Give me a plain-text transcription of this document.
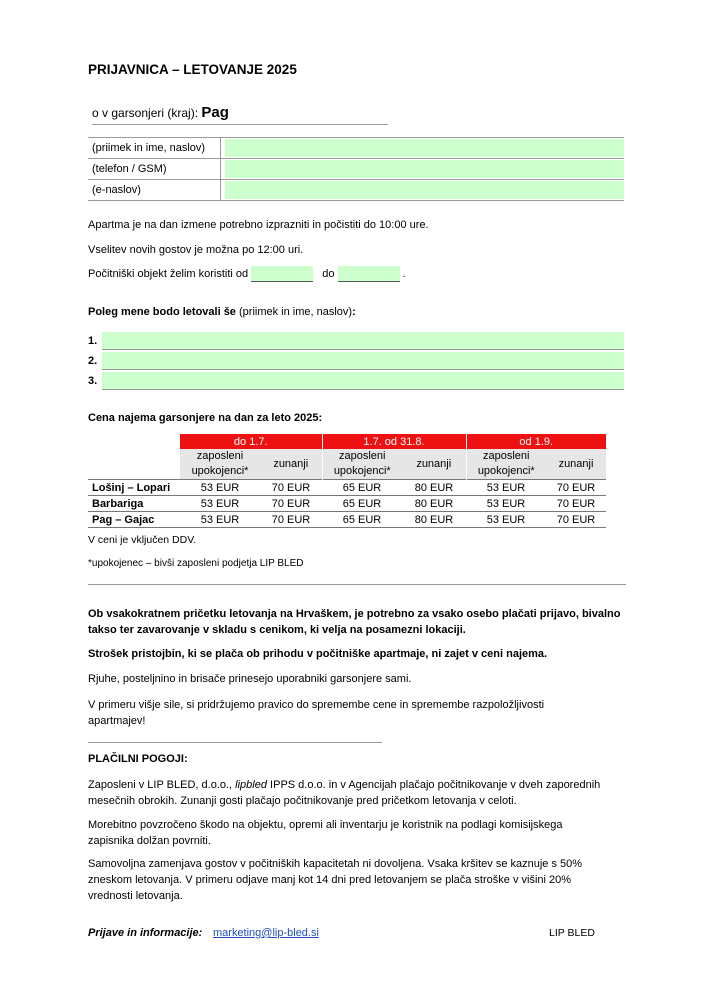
PRIJAVNICA – LETOVANJE 2025
o v garsonjeri (kraj): Pag
(priimek in ime, naslov)
(telefon / GSM)
(e-naslov)
Apartma je na dan izmene potrebno izprazniti in počistiti do 10:00 ure.
Vselitev novih gostov je možna po 12:00 uri.
Počitniški objekt želim koristiti od	do	.
Poleg mene bodo letovali še (priimek in ime, naslov):
1.
2.
3.
Cena najema garsonjere na dan za leto 2025:
	do 1.7.		1.7. od 31.8.		od 1.9.	
	zaposleni
upokojenci*	zunanji	zaposleni
upokojenci*	zunanji	zaposleni
upokojenci*	zunanji
Lošinj – Lopari	53 EUR	70 EUR	65 EUR	80 EUR	53 EUR	70 EUR
Barbariga	53 EUR	70 EUR	65 EUR	80 EUR	53 EUR	70 EUR
Pag – Gajac	53 EUR	70 EUR	65 EUR	80 EUR	53 EUR	70 EUR
V ceni je vključen DDV.
*upokojenec – bivši zaposleni podjetja LIP BLED
Ob vsakokratnem pričetku letovanja na Hrvaškem, je potrebno za vsako osebo plačati prijavo, bivalno takso ter zavarovanje v skladu s cenikom, ki velja na posamezni lokaciji.
Strošek pristojbin, ki se plača ob prihodu v počitniške apartmaje, ni zajet v ceni najema.
Rjuhe, posteljnino in brisače prinesejo uporabniki garsonjere sami.
V primeru višje sile, si pridržujemo pravico do spremembe cene in spremembe razpoložljivosti apartmajev!
PLAČILNI POGOJI:
Zaposleni v LIP BLED, d.o.o., lipbled IPPS d.o.o. in v Agencijah plačajo počitnikovanje v dveh zaporednih mesečnih obrokih. Zunanji gosti plačajo počitnikovanje pred pričetkom letovanja v celoti.
Morebitno povzročeno škodo na objektu, opremi ali inventarju je koristnik na podlagi komisijskega zapisnika dolžan povrniti.
Samovoljna zamenjava gostov v počitniških kapacitetah ni dovoljena. Vsaka kršitev se kaznuje s 50% zneskom letovanja. V primeru odjave manj kot 14 dni pred letovanjem se plača stroške v višini 20% vrednosti letovanja.
Prijave in informacije: marketing@lip-bled.si	LIP BLED
